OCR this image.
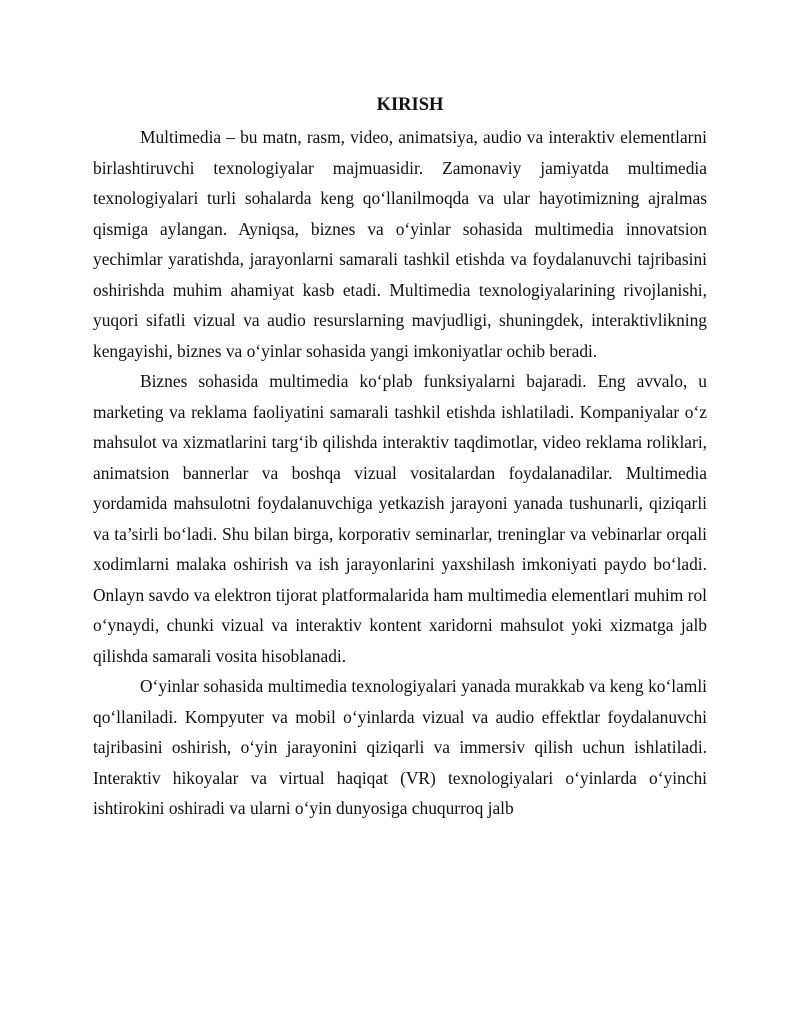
KIRISH

Multimedia – bu matn, rasm, video, animatsiya, audio va interaktiv elementlarni birlashtiruvchi texnologiyalar majmuasidir. Zamonaviy jamiyatda multimedia texnologiyalari turli sohalarda keng qo‘llanilmoqda va ular hayotimizning ajralmas qismiga aylangan. Ayniqsa, biznes va o‘yinlar sohasida multimedia innovatsion yechimlar yaratishda, jarayonlarni samarali tashkil etishda va foydalanuvchi tajribasini oshirishda muhim ahamiyat kasb etadi. Multimedia texnologiyalarining rivojlanishi, yuqori sifatli vizual va audio resurslarning mavjudligi, shuningdek, interaktivlikning kengayishi, biznes va o‘yinlar sohasida yangi imkoniyatlar ochib beradi.

Biznes sohasida multimedia ko‘plab funksiyalarni bajaradi. Eng avvalo, u marketing va reklama faoliyatini samarali tashkil etishda ishlatiladi. Kompaniyalar o‘z mahsulot va xizmatlarini targ‘ib qilishda interaktiv taqdimotlar, video reklama roliklari, animatsion bannerlar va boshqa vizual vositalardan foydalanadilar. Multimedia yordamida mahsulotni foydalanuvchiga yetkazish jarayoni yanada tushunarli, qiziqarli va ta’sirli bo‘ladi. Shu bilan birga, korporativ seminarlar, treninglar va vebinarlar orqali xodimlarni malaka oshirish va ish jarayonlarini yaxshilash imkoniyati paydo bo‘ladi. Onlayn savdo va elektron tijorat platformalarida ham multimedia elementlari muhim rol o‘ynaydi, chunki vizual va interaktiv kontent xaridorni mahsulot yoki xizmatga jalb qilishda samarali vosita hisoblanadi.

O‘yinlar sohasida multimedia texnologiyalari yanada murakkab va keng ko‘lamli qo‘llaniladi. Kompyuter va mobil o‘yinlarda vizual va audio effektlar foydalanuvchi tajribasini oshirish, o‘yin jarayonini qiziqarli va immersiv qilish uchun ishlatiladi. Interaktiv hikoyalar va virtual haqiqat (VR) texnologiyalari o‘yinlarda o‘yinchi ishtirokini oshiradi va ularni o‘yin dunyosiga chuqurroq jalb
